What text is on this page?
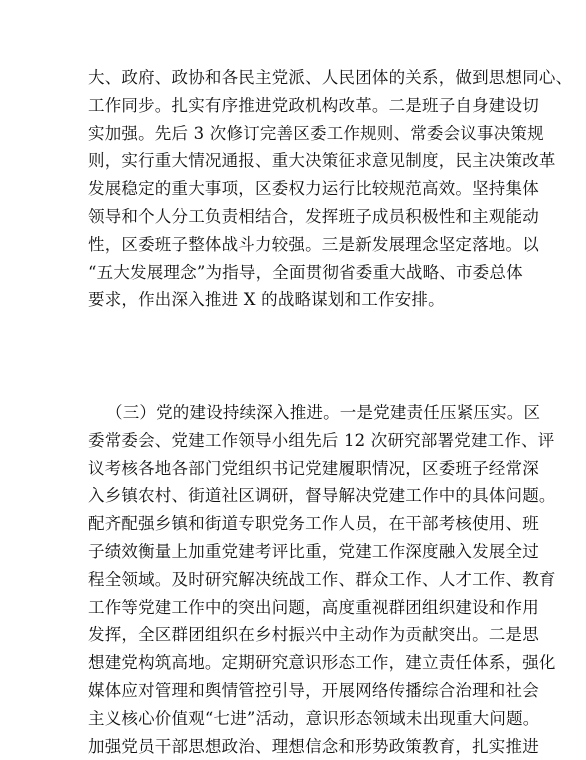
大、政府、政协和各民主党派、人民团体的关系，做到思想同心、
工作同步。扎实有序推进党政机构改革。二是班子自身建设切
实加强。先后 3 次修订完善区委工作规则、常委会议事决策规
则，实行重大情况通报、重大决策征求意见制度，民主决策改革
发展稳定的重大事项，区委权力运行比较规范高效。坚持集体
领导和个人分工负责相结合，发挥班子成员积极性和主观能动
性，区委班子整体战斗力较强。三是新发展理念坚定落地。以
“五大发展理念”为指导，全面贯彻省委重大战略、市委总体
要求，作出深入推进 X 的战略谋划和工作安排。
（三）党的建设持续深入推进。一是党建责任压紧压实。区
委常委会、党建工作领导小组先后 12 次研究部署党建工作、评
议考核各地各部门党组织书记党建履职情况，区委班子经常深
入乡镇农村、街道社区调研，督导解决党建工作中的具体问题。
配齐配强乡镇和街道专职党务工作人员，在干部考核使用、班
子绩效衡量上加重党建考评比重，党建工作深度融入发展全过
程全领域。及时研究解决统战工作、群众工作、人才工作、教育
工作等党建工作中的突出问题，高度重视群团组织建设和作用
发挥，全区群团组织在乡村振兴中主动作为贡献突出。二是思
想建党构筑高地。定期研究意识形态工作，建立责任体系，强化
媒体应对管理和舆情管控引导，开展网络传播综合治理和社会
主义核心价值观“七进”活动，意识形态领域未出现重大问题。
加强党员干部思想政治、理想信念和形势政策教育，扎实推进
